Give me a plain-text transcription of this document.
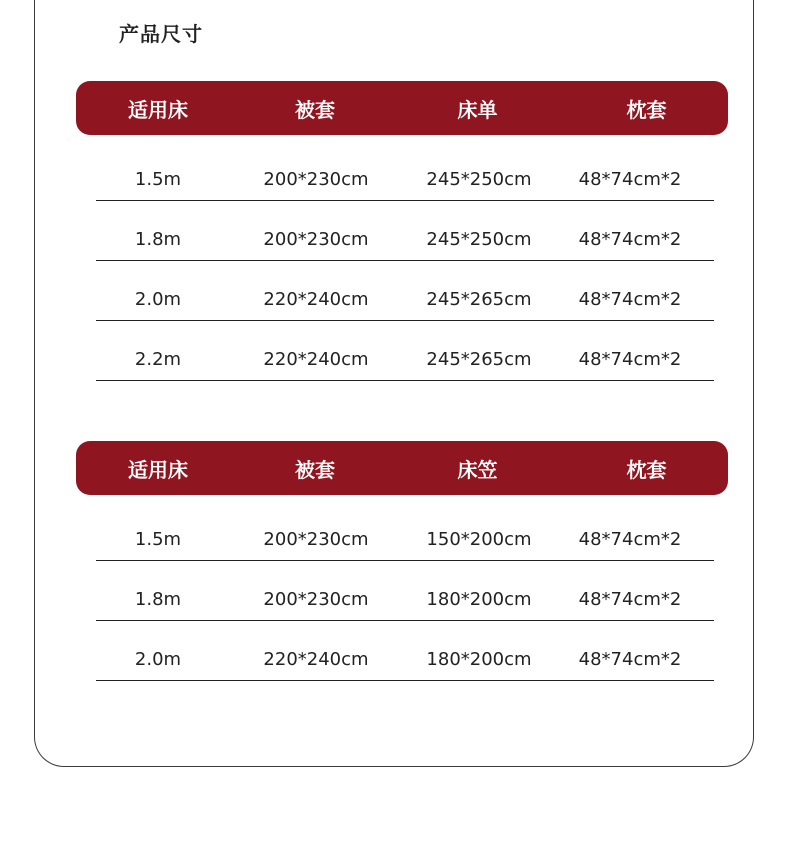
产品尺寸
适用床	被套	床单	枕套
1.5m	200*230cm	245*250cm	48*74cm*2
1.8m	200*230cm	245*250cm	48*74cm*2
2.0m	220*240cm	245*265cm	48*74cm*2
2.2m	220*240cm	245*265cm	48*74cm*2
适用床	被套	床笠	枕套
1.5m	200*230cm	150*200cm	48*74cm*2
1.8m	200*230cm	180*200cm	48*74cm*2
2.0m	220*240cm	180*200cm	48*74cm*2
